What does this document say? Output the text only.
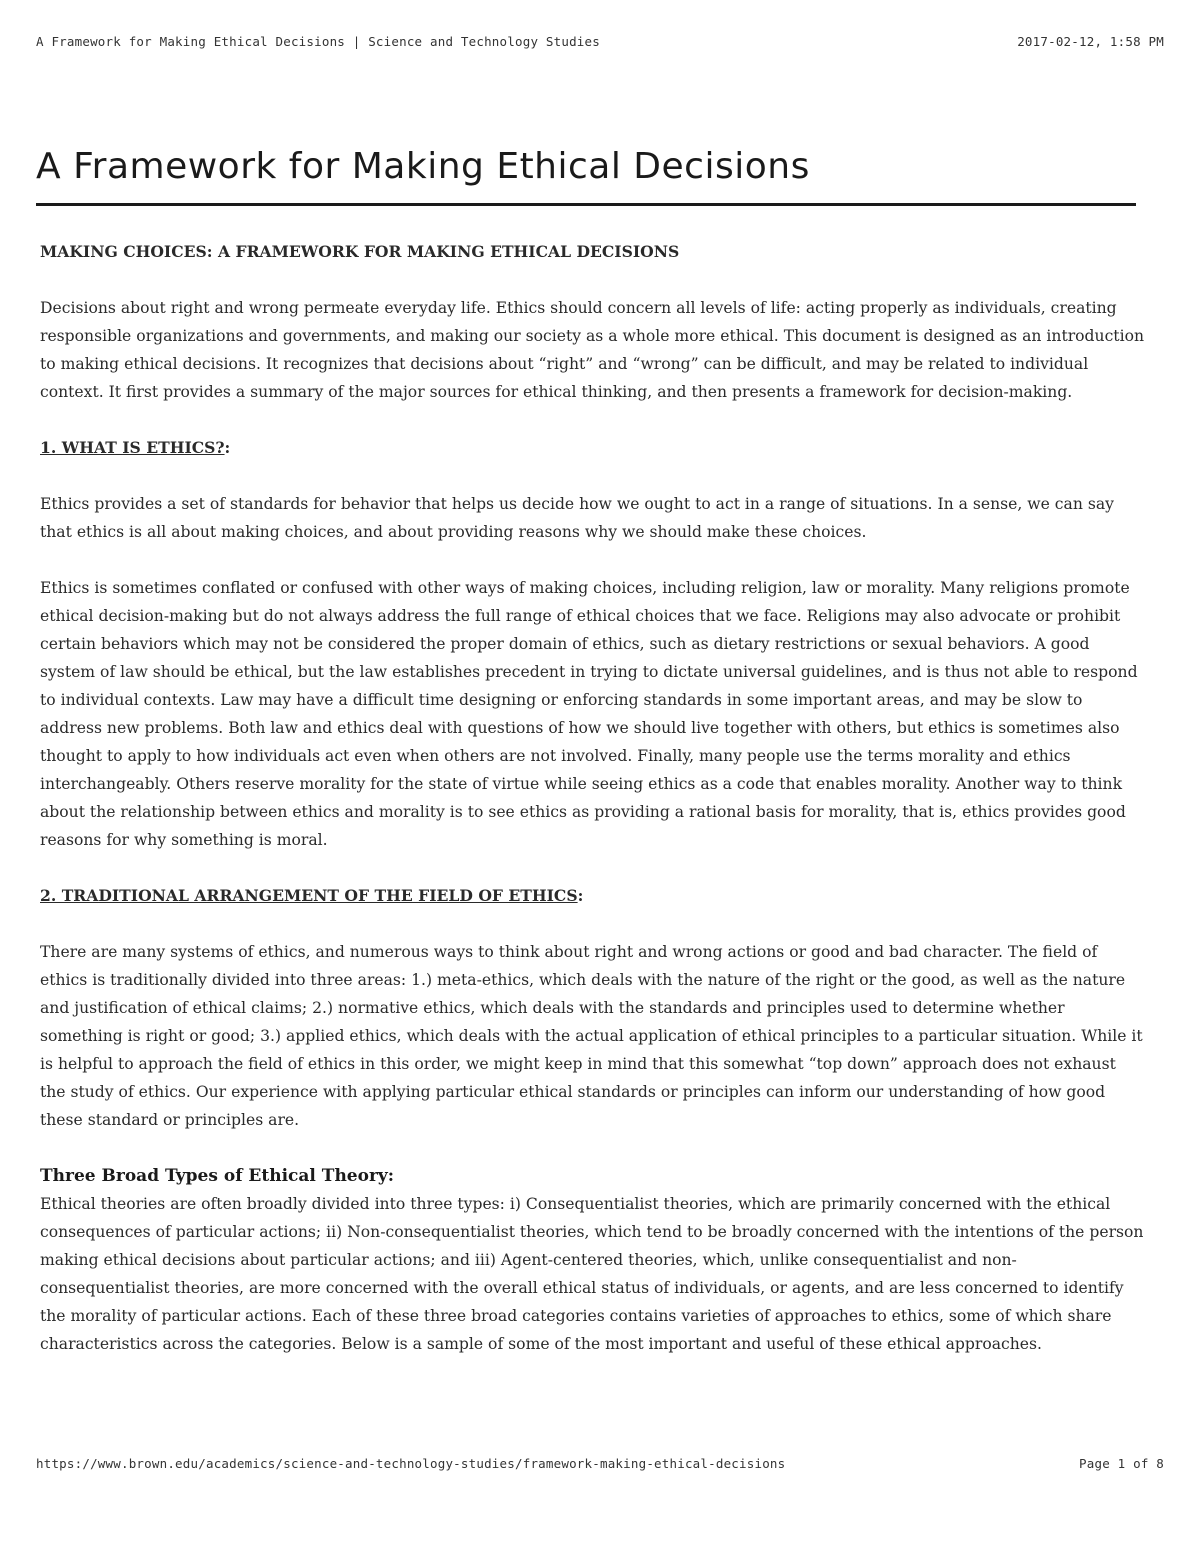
A Framework for Making Ethical Decisions | Science and Technology Studies	2017-02-12, 1:58 PM
A Framework for Making Ethical Decisions
MAKING CHOICES: A FRAMEWORK FOR MAKING ETHICAL DECISIONS

Decisions about right and wrong permeate everyday life. Ethics should concern all levels of life: acting properly as individuals, creating responsible organizations and governments, and making our society as a whole more ethical. This document is designed as an introduction to making ethical decisions. It recognizes that decisions about “right” and “wrong” can be difficult, and may be related to individual context. It first provides a summary of the major sources for ethical thinking, and then presents a framework for decision-making.

1. WHAT IS ETHICS?:

Ethics provides a set of standards for behavior that helps us decide how we ought to act in a range of situations. In a sense, we can say that ethics is all about making choices, and about providing reasons why we should make these choices.

Ethics is sometimes conflated or confused with other ways of making choices, including religion, law or morality. Many religions promote ethical decision-making but do not always address the full range of ethical choices that we face. Religions may also advocate or prohibit certain behaviors which may not be considered the proper domain of ethics, such as dietary restrictions or sexual behaviors. A good system of law should be ethical, but the law establishes precedent in trying to dictate universal guidelines, and is thus not able to respond to individual contexts. Law may have a difficult time designing or enforcing standards in some important areas, and may be slow to address new problems. Both law and ethics deal with questions of how we should live together with others, but ethics is sometimes also thought to apply to how individuals act even when others are not involved. Finally, many people use the terms morality and ethics interchangeably. Others reserve morality for the state of virtue while seeing ethics as a code that enables morality. Another way to think about the relationship between ethics and morality is to see ethics as providing a rational basis for morality, that is, ethics provides good reasons for why something is moral.

2. TRADITIONAL ARRANGEMENT OF THE FIELD OF ETHICS:

There are many systems of ethics, and numerous ways to think about right and wrong actions or good and bad character. The field of ethics is traditionally divided into three areas: 1.) meta-ethics, which deals with the nature of the right or the good, as well as the nature and justification of ethical claims; 2.) normative ethics, which deals with the standards and principles used to determine whether something is right or good; 3.) applied ethics, which deals with the actual application of ethical principles to a particular situation. While it is helpful to approach the field of ethics in this order, we might keep in mind that this somewhat “top down” approach does not exhaust the study of ethics. Our experience with applying particular ethical standards or principles can inform our understanding of how good these standard or principles are.

Three Broad Types of Ethical Theory:

Ethical theories are often broadly divided into three types: i) Consequentialist theories, which are primarily concerned with the ethical consequences of particular actions; ii) Non-consequentialist theories, which tend to be broadly concerned with the intentions of the person making ethical decisions about particular actions; and iii) Agent-centered theories, which, unlike consequentialist and non-consequentialist theories, are more concerned with the overall ethical status of individuals, or agents, and are less concerned to identify the morality of particular actions. Each of these three broad categories contains varieties of approaches to ethics, some of which share characteristics across the categories. Below is a sample of some of the most important and useful of these ethical approaches.

https://www.brown.edu/academics/science-and-technology-studies/framework-making-ethical-decisions	Page 1 of 8
